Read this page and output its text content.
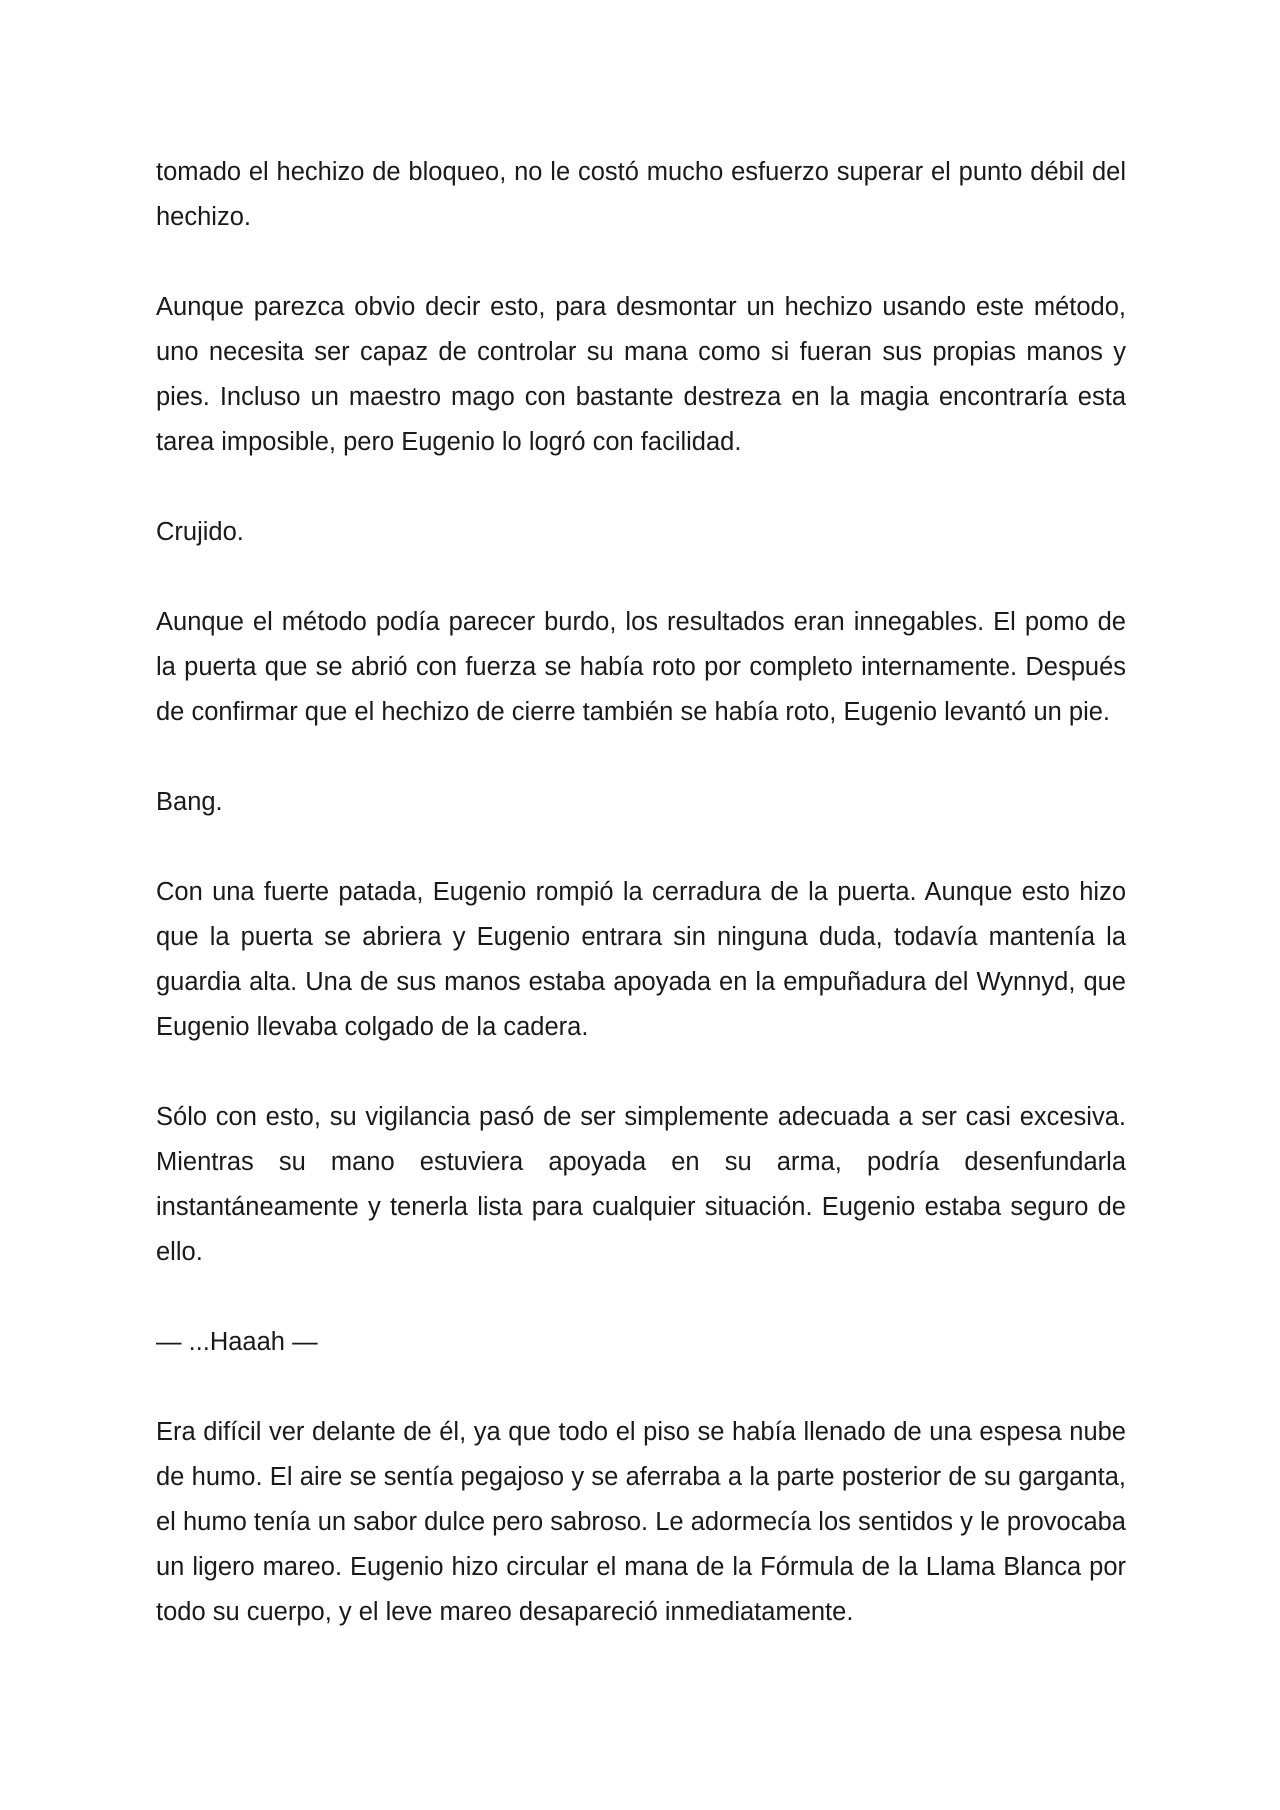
tomado el hechizo de bloqueo, no le costó mucho esfuerzo superar el punto débil del hechizo.

Aunque parezca obvio decir esto, para desmontar un hechizo usando este método, uno necesita ser capaz de controlar su mana como si fueran sus propias manos y pies. Incluso un maestro mago con bastante destreza en la magia encontraría esta tarea imposible, pero Eugenio lo logró con facilidad.

Crujido.

Aunque el método podía parecer burdo, los resultados eran innegables. El pomo de la puerta que se abrió con fuerza se había roto por completo internamente. Después de confirmar que el hechizo de cierre también se había roto, Eugenio levantó un pie.

Bang.

Con una fuerte patada, Eugenio rompió la cerradura de la puerta. Aunque esto hizo que la puerta se abriera y Eugenio entrara sin ninguna duda, todavía mantenía la guardia alta. Una de sus manos estaba apoyada en la empuñadura del Wynnyd, que Eugenio llevaba colgado de la cadera.

Sólo con esto, su vigilancia pasó de ser simplemente adecuada a ser casi excesiva. Mientras su mano estuviera apoyada en su arma, podría desenfundarla instantáneamente y tenerla lista para cualquier situación. Eugenio estaba seguro de ello.

— ...Haaah —

Era difícil ver delante de él, ya que todo el piso se había llenado de una espesa nube de humo. El aire se sentía pegajoso y se aferraba a la parte posterior de su garganta, el humo tenía un sabor dulce pero sabroso. Le adormecía los sentidos y le provocaba un ligero mareo. Eugenio hizo circular el mana de la Fórmula de la Llama Blanca por todo su cuerpo, y el leve mareo desapareció inmediatamente.
